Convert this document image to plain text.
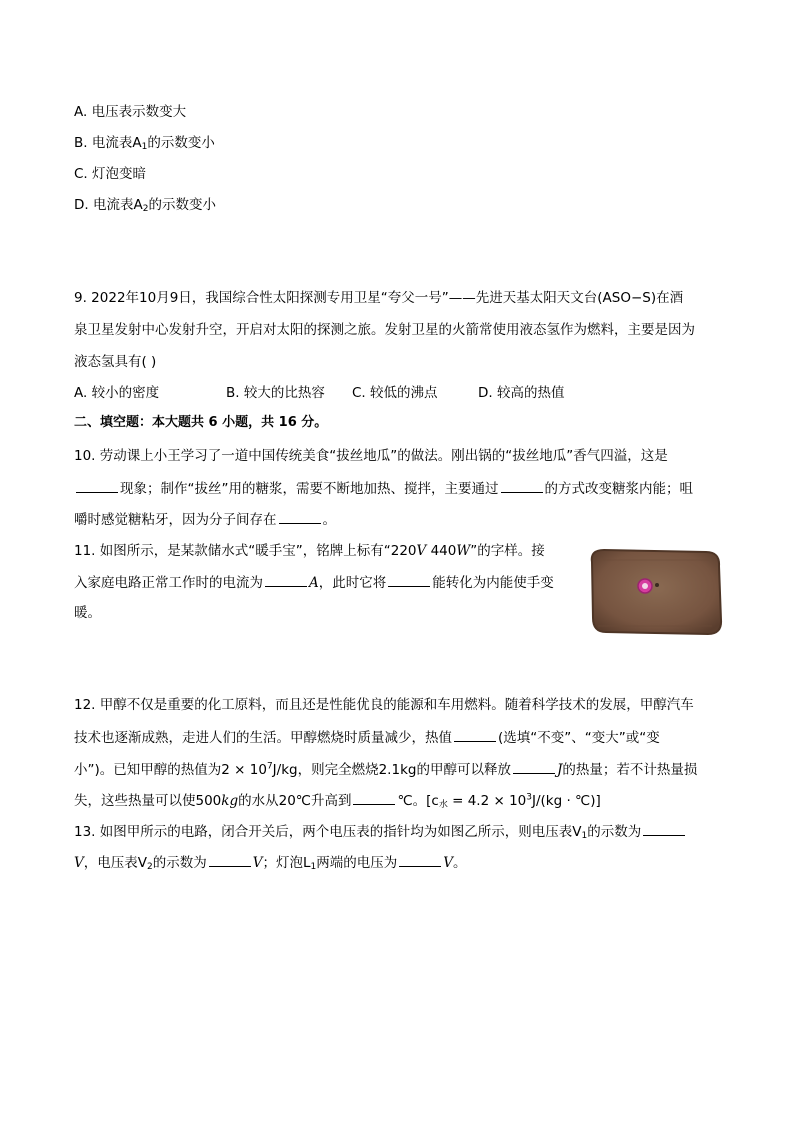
A. 电压表示数变大
B. 电流表$A_1$的示数变小
C. 灯泡变暗
D. 电流表$A_2$的示数变小
9. 2022年10月9日，我国综合性太阳探测专用卫星“夸父一号”——先进天基太阳天文台(ASO−S)在酒
泉卫星发射中心发射升空，开启对太阳的探测之旅。发射卫星的火箭常使用液态氢作为燃料，主要是因为
液态氢具有( )
A. 较小的密度	B. 较大的比热容 C. 较低的沸点	D. 较高的热值
二、填空题：本大题共 6 小题，共 16 分。
10. 劳动课上小王学习了一道中国传统美食“拔丝地瓜”的做法。刚出锅的“拔丝地瓜”香气四溢，这是
现象；制作“拔丝”用的糖浆，需要不断地加热、搅拌，主要通过	的方式改变糖浆内能；咀
嚼时感觉糖粘牙，因为分子间存在	。
11. 如图所示，是某款储水式“暖手宝”，铭牌上标有“220V 440W”的字样。接
入家庭电路正常工作时的电流为	A，此时它将	能转化为内能使手变
暖。
12. 甲醇不仅是重要的化工原料，而且还是性能优良的能源和车用燃料。随着科学技术的发展，甲醇汽车
技术也逐渐成熟，走进人们的生活。甲醇燃烧时质量减少，热值	(选填“不变”、“变大”或“变
小”)。已知甲醇的热值为$2 \times 10^7J/kg$，则完全燃烧2.1kg的甲醇可以释放	J的热量；若不计热量损
失，这些热量可以使500kg的水从20℃升高到	℃。[$c_水 = 4.2 \times 10^3J/(kg$ · ℃)]
13. 如图甲所示的电路，闭合开关后，两个电压表的指针均为如图乙所示，则电压表$V_1$的示数为
V，电压表$V_2$的示数为	V；灯泡$L_1$两端的电压为	V。
